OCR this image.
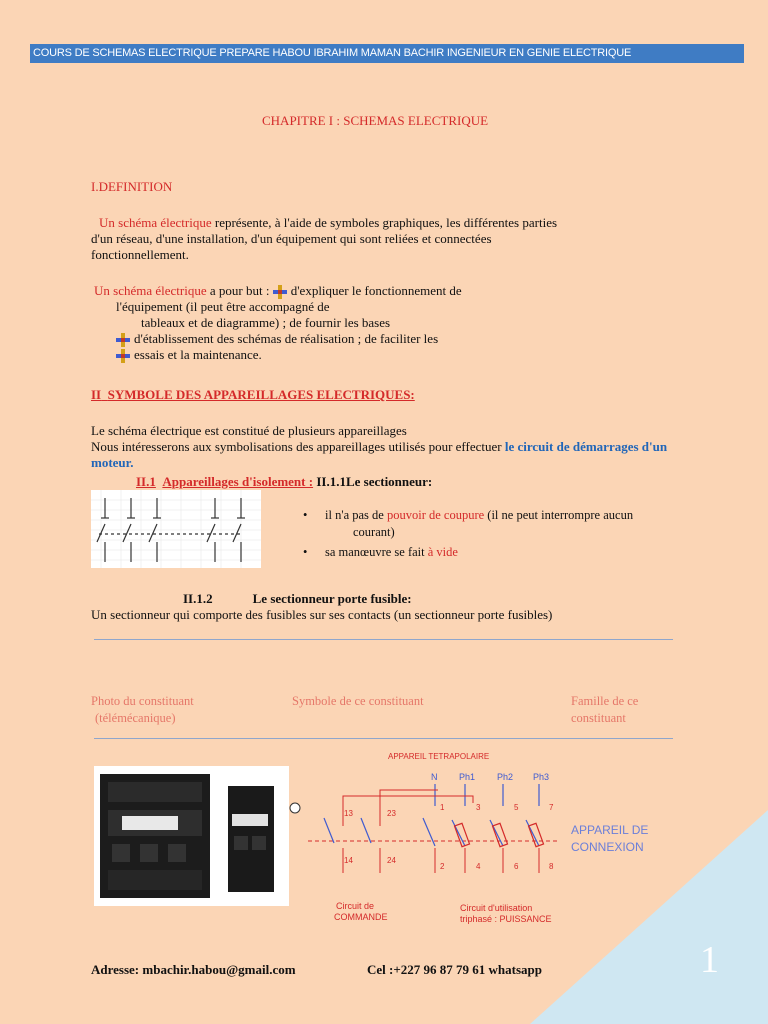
COURS DE SCHEMAS ELECTRIQUE PREPARE HABOU IBRAHIM MAMAN BACHIR INGENIEUR EN GENIE ELECTRIQUE
CHAPITRE I : SCHEMAS ELECTRIQUE
I.DEFINITION
Un schéma électrique représente, à l'aide de symboles graphiques, les différentes parties
d'un réseau, d'une installation, d'un équipement qui sont reliées et connectées
fonctionnellement.
Un schéma électrique a pour but : d'expliquer le fonctionnement de
l'équipement (il peut être accompagné de
tableaux et de diagramme) ; de fournir les bases
d'établissement des schémas de réalisation ; de faciliter les
essais et la maintenance.
II SYMBOLE DES APPAREILLAGES ELECTRIQUES:
Le schéma électrique est constitué de plusieurs appareillages
Nous intéresserons aux symbolisations des appareillages utilisés pour effectuer le circuit de démarrages d'un
moteur.
II.1 Appareillages d'isolement : II.1.1Le sectionneur:
• il n'a pas de pouvoir de coupure (il ne peut interrompre aucun
courant)
• sa manœuvre se fait à vide
II.1.2	Le sectionneur porte fusible:
Un sectionneur qui comporte des fusibles sur ses contacts (un sectionneur porte fusibles)
Photo du constituant
(télémécanique)
Symbole de ce constituant	Famille de ce
constituant
APPAREIL TETRAPOLAIRE
N Ph1 Ph2 Ph3
13	23
1	3	5	7
14	24
2	4	6	8
Circuit de
COMMANDE
Circuit d'utilisation
triphasé : PUISSANCE
APPAREIL DE
CONNEXION
Adresse: mbachir.habou@gmail.com	Cel :+227 96 87 79 61 whatsapp	1
